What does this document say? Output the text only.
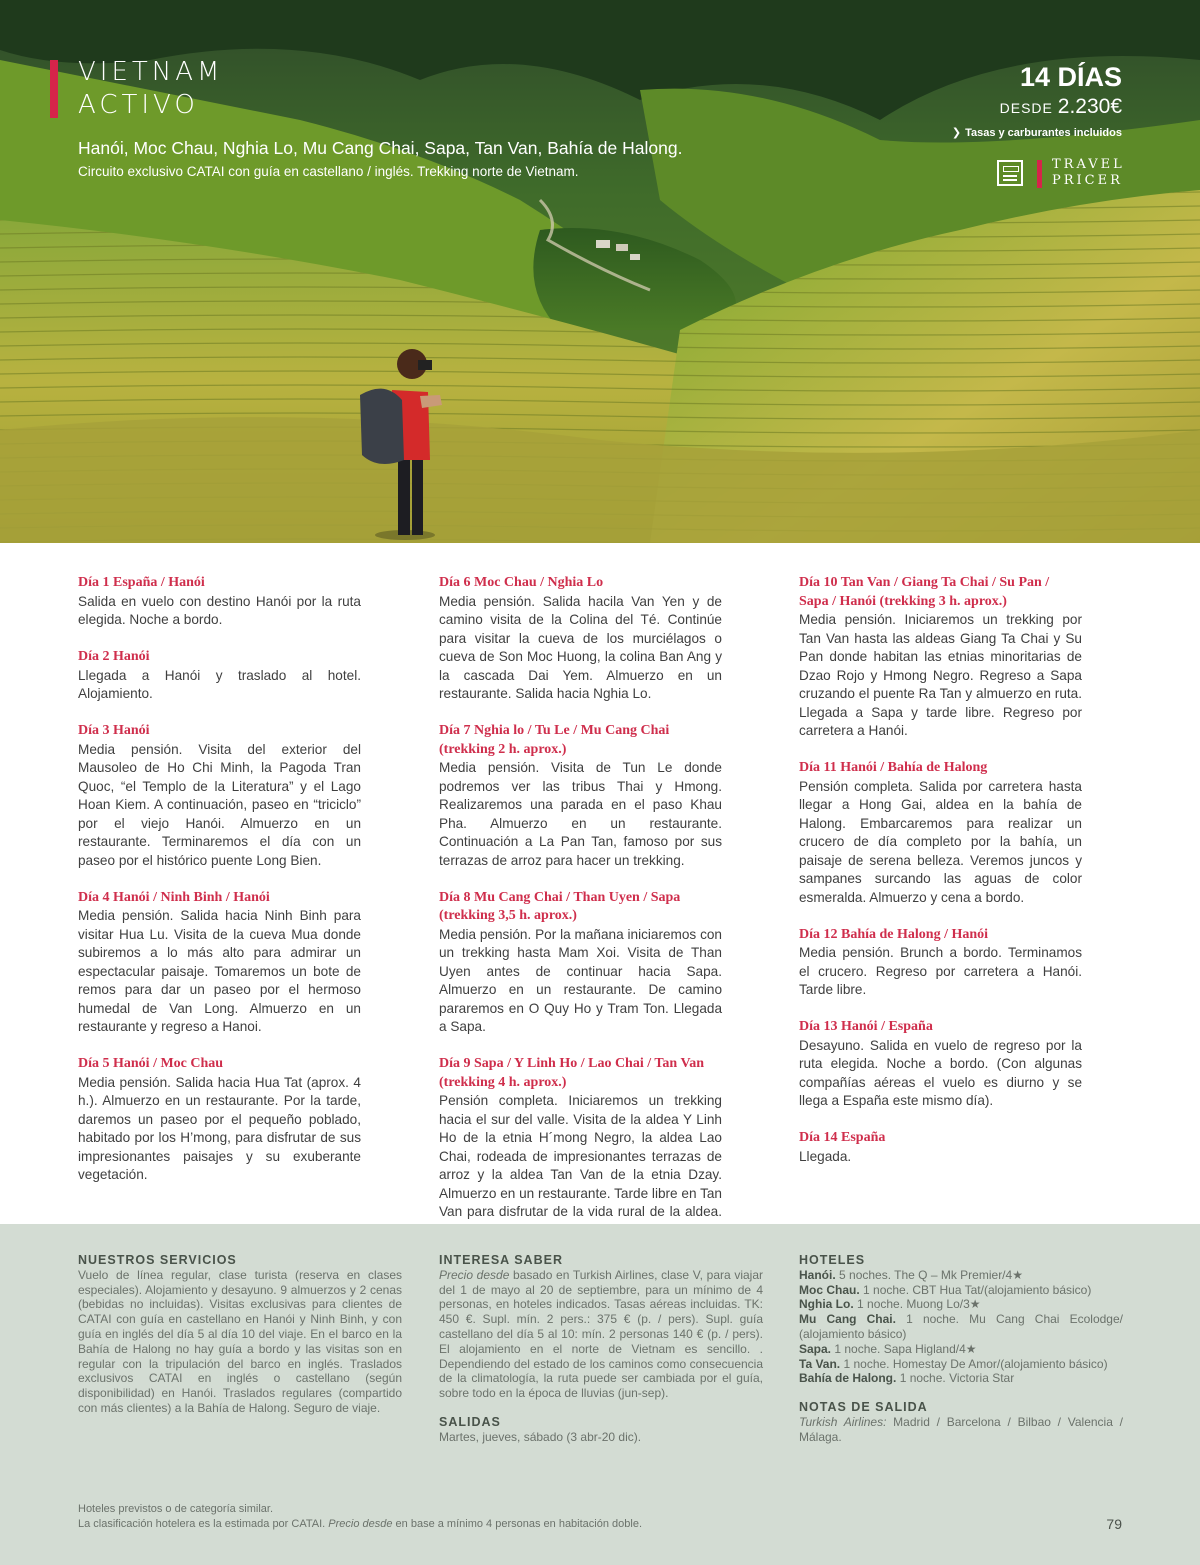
VIETNAM
ACTIVO
Hanói, Moc Chau, Nghia Lo, Mu Cang Chai, Sapa, Tan Van, Bahía de Halong.
Circuito exclusivo CATAI con guía en castellano / inglés. Trekking norte de Vietnam.
14 DÍAS
DESDE 2.230€
❯ Tasas y carburantes incluidos
TRAVEL
PRICER
Día 1 España / Hanói
Salida en vuelo con destino Hanói por la ruta elegida. Noche a bordo.
Día 2 Hanói
Llegada a Hanói y traslado al hotel. Alojamiento.
Día 3 Hanói
Media pensión. Visita del exterior del Mausoleo de Ho Chi Minh, la Pagoda Tran Quoc, “el Templo de la Literatura” y el Lago Hoan Kiem. A continuación, paseo en “triciclo” por el viejo Hanói. Almuerzo en un restaurante. Terminaremos el día con un paseo por el histórico puente Long Bien.
Día 4 Hanói / Ninh Binh / Hanói
Media pensión. Salida hacia Ninh Binh para visitar Hua Lu. Visita de la cueva Mua donde subiremos a lo más alto para admirar un espectacular paisaje. Tomaremos un bote de remos para dar un paseo por el hermoso humedal de Van Long. Almuerzo en un restaurante y regreso a Hanoi.
Día 5 Hanói / Moc Chau
Media pensión. Salida hacia Hua Tat (aprox. 4 h.). Almuerzo en un restaurante. Por la tarde, daremos un paseo por el pequeño poblado, habitado por los H’mong, para disfrutar de sus impresionantes paisajes y su exuberante vegetación.
Día 6 Moc Chau / Nghia Lo
Media pensión. Salida hacila Van Yen y de camino visita de la Colina del Té. Continúe para visitar la cueva de los murciélagos o cueva de Son Moc Huong, la colina Ban Ang y la cascada Dai Yem. Almuerzo en un restaurante. Salida hacia Nghia Lo.
Día 7 Nghia lo / Tu Le / Mu Cang Chai (trekking 2 h. aprox.)
Media pensión. Visita de Tun Le donde podremos ver las tribus Thai y Hmong. Realizaremos una parada en el paso Khau Pha. Almuerzo en un restaurante. Continuación a La Pan Tan, famoso por sus terrazas de arroz para hacer un trekking.
Día 8 Mu Cang Chai / Than Uyen / Sapa (trekking 3,5 h. aprox.)
Media pensión. Por la mañana iniciaremos con un trekking hasta Mam Xoi. Visita de Than Uyen antes de continuar hacia Sapa. Almuerzo en un restaurante. De camino pararemos en O Quy Ho y Tram Ton. Llegada a Sapa.
Día 9 Sapa / Y Linh Ho / Lao Chai / Tan Van (trekking 4 h. aprox.)
Pensión completa. Iniciaremos un trekking hacia el sur del valle. Visita de la aldea Y Linh Ho de la etnia H´mong Negro, la aldea Lao Chai, rodeada de impresionantes terrazas de arroz y la aldea Tan Van de la etnia Dzay. Almuerzo en un restaurante. Tarde libre en Tan Van para disfrutar de la vida rural de la aldea.
Día 10 Tan Van / Giang Ta Chai / Su Pan / Sapa / Hanói (trekking 3 h. aprox.)
Media pensión. Iniciaremos un trekking por Tan Van hasta las aldeas Giang Ta Chai y Su Pan donde habitan las etnias minoritarias de Dzao Rojo y Hmong Negro. Regreso a Sapa cruzando el puente Ra Tan y almuerzo en ruta. Llegada a Sapa y tarde libre. Regreso por carretera a Hanói.
Día 11 Hanói / Bahía de Halong
Pensión completa. Salida por carretera hasta llegar a Hong Gai, aldea en la bahía de Halong. Embarcaremos para realizar un crucero de día completo por la bahía, un paisaje de serena belleza. Veremos juncos y sampanes surcando las aguas de color esmeralda. Almuerzo y cena a bordo.
Día 12 Bahía de Halong / Hanói
Media pensión. Brunch a bordo. Terminamos el crucero. Regreso por carretera a Hanói. Tarde libre.
Día 13 Hanói / España
Desayuno. Salida en vuelo de regreso por la ruta elegida. Noche a bordo. (Con algunas compañías aéreas el vuelo es diurno y se llega a España este mismo día).
Día 14 España
Llegada.
NUESTROS SERVICIOS
Vuelo de línea regular, clase turista (reserva en clases especiales). Alojamiento y desayuno. 9 almuerzos y 2 cenas (bebidas no incluidas). Visitas exclusivas para clientes de CATAI con guía en castellano en Hanói y Ninh Binh, y con guía en inglés del día 5 al día 10 del viaje. En el barco en la Bahía de Halong no hay guía a bordo y las visitas son en regular con la tripulación del barco en inglés. Traslados exclusivos CATAI en inglés o castellano (según disponibilidad) en Hanói. Traslados regulares (compartido con más clientes) a la Bahía de Halong. Seguro de viaje.
INTERESA SABER
Precio desde basado en Turkish Airlines, clase V, para viajar del 1 de mayo al 20 de septiembre, para un mínimo de 4 personas, en hoteles indicados. Tasas aéreas incluidas. TK: 450 €. Supl. mín. 2 pers.: 375 € (p. / pers). Supl. guía castellano del día 5 al 10: mín. 2 personas 140 € (p. / pers). El alojamiento en el norte de Vietnam es sencillo. . Dependiendo del estado de los caminos como consecuencia de la climatología, la ruta puede ser cambiada por el guía, sobre todo en la época de lluvias (jun-sep).
SALIDAS
Martes, jueves, sábado (3 abr-20 dic).
HOTELES
Hanói. 5 noches. The Q – Mk Premier/4★
Moc Chau. 1 noche. CBT Hua Tat/(alojamiento básico)
Nghia Lo. 1 noche. Muong Lo/3★
Mu Cang Chai. 1 noche. Mu Cang Chai Ecolodge/ (alojamiento básico)
Sapa. 1 noche. Sapa Higland/4★
Ta Van. 1 noche. Homestay De Amor/(alojamiento básico)
Bahía de Halong. 1 noche. Victoria Star
NOTAS DE SALIDA
Turkish Airlines: Madrid / Barcelona / Bilbao / Valencia / Málaga.
Hoteles previstos o de categoría similar.
La clasificación hotelera es la estimada por CATAI. Precio desde en base a mínimo 4 personas en habitación doble.	79
